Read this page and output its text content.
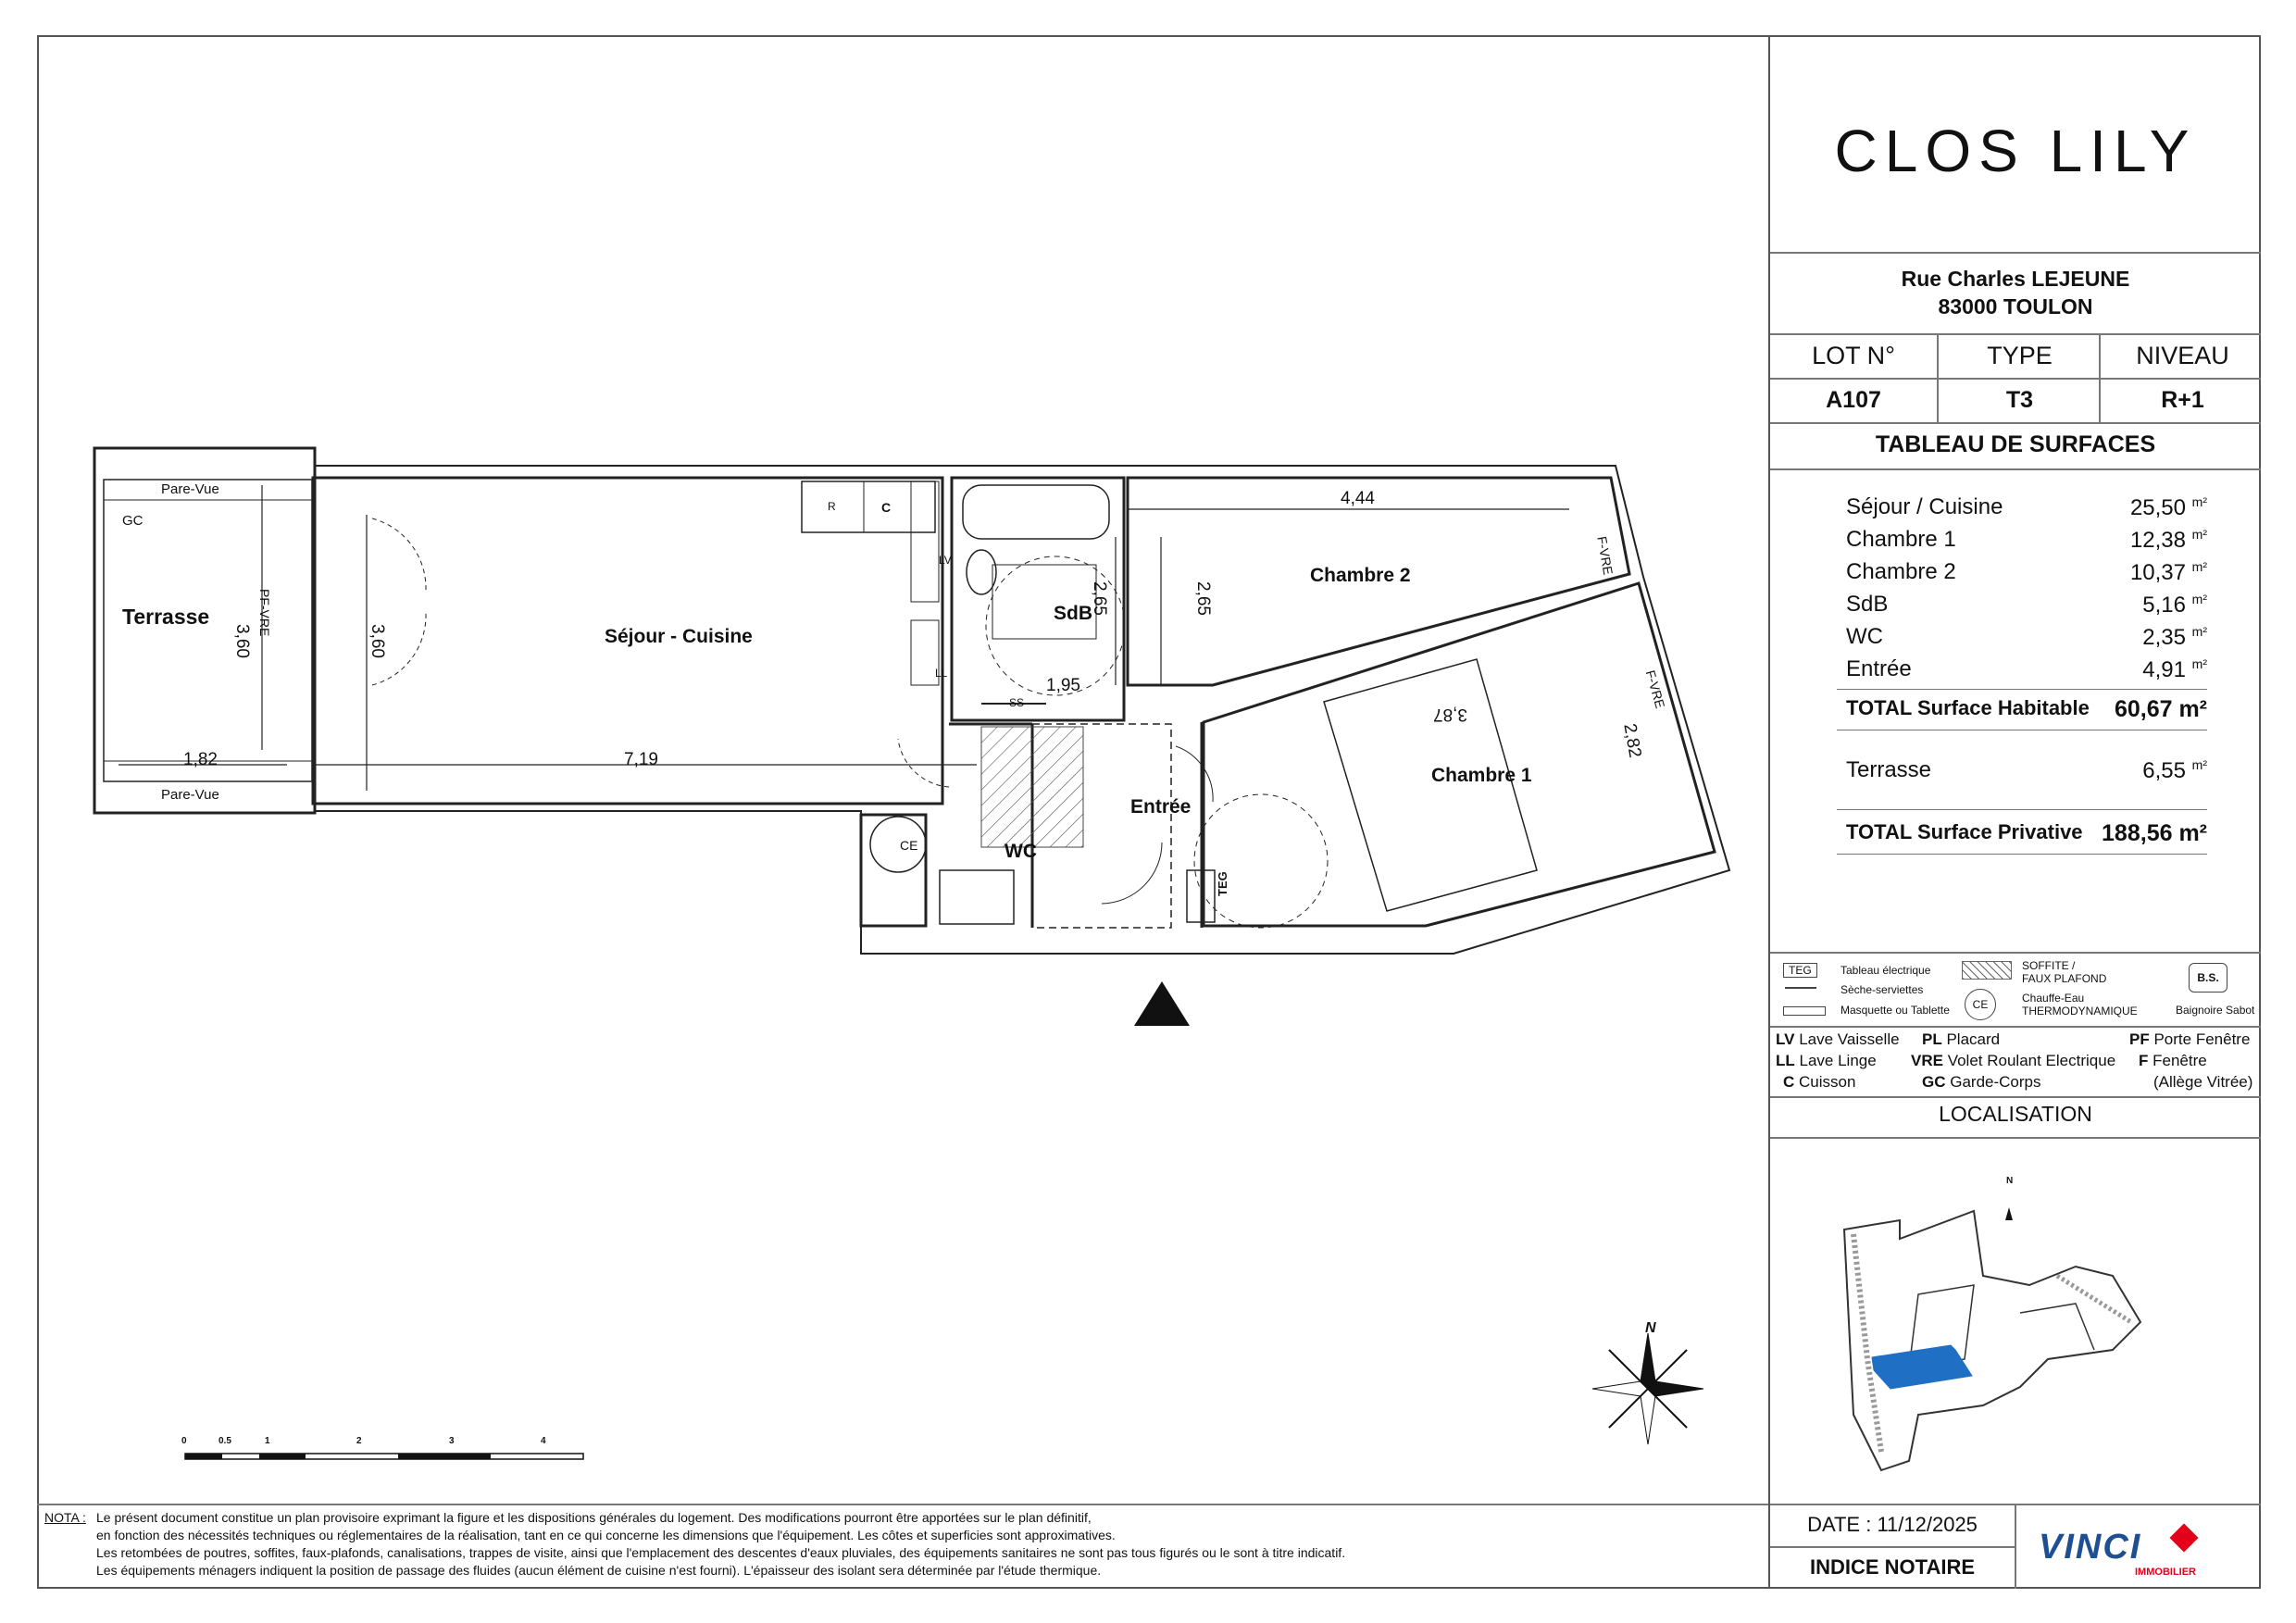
Terrasse
Séjour - Cuisine
SdB
Chambre 2
Chambre 1
Entrée
WC
Pare-Vue
Pare-Vue
GC
PF-VRE
F-VRE
F-VRE
R	C
LV
LL
SS
CE
TEG
3,60
1,82
3,60
7,19
2,65
1,95
2,65
4,44
3,87
2,82
0	0.5	1	2	3	4
N
CLOS LILY
Rue Charles LEJEUNE
83000 TOULON
LOT N°	TYPE	NIVEAU
A107	T3	R+1
TABLEAU DE SURFACES
Séjour / Cuisine	25,50 $^{m^2}$
Chambre 1	12,38 $^{m^2}$
Chambre 2	10,37 $^{m^2}$
SdB	5,16 $^{m^2}$
WC	2,35 $^{m^2}$
Entrée	4,91 $^{m^2}$
TOTAL Surface Habitable 60,67 m²
Terrasse	6,55 $^{m^2}$
TOTAL Surface Privative 188,56 m²
TEG	Tableau électrique
Sèche-serviettes
Masquette ou Tablette
SOFFITE /
FAUX PLAFOND
CE	Chauffe-Eau
THERMODYNAMIQUE
B.S.
Baignoire Sabot
LV Lave Vaisselle
LL Lave Linge
C Cuisson
PL Placard
VRE Volet Roulant Electrique
GC Garde-Corps
PF Porte Fenêtre
F Fenêtre
(Allège Vitrée)
LOCALISATION
N
DATE : 11/12/2025
INDICE NOTAIRE
VINCI
IMMOBILIER
NOTA : Le présent document constitue un plan provisoire exprimant la figure et les dispositions générales du logement. Des modifications pourront être apportées sur le plan définitif,
en fonction des nécessités techniques ou réglementaires de la réalisation, tant en ce qui concerne les dimensions que l'équipement. Les côtes et superficies sont approximatives.
Les retombées de poutres, soffites, faux-plafonds, canalisations, trappes de visite, ainsi que l'emplacement des descentes d'eaux pluviales, des équipements sanitaires ne sont pas tous figurés ou le sont à titre indicatif.
Les équipements ménagers indiquent la position de passage des fluides (aucun élément de cuisine n'est fourni). L'épaisseur des isolant sera déterminée par l'étude thermique.
